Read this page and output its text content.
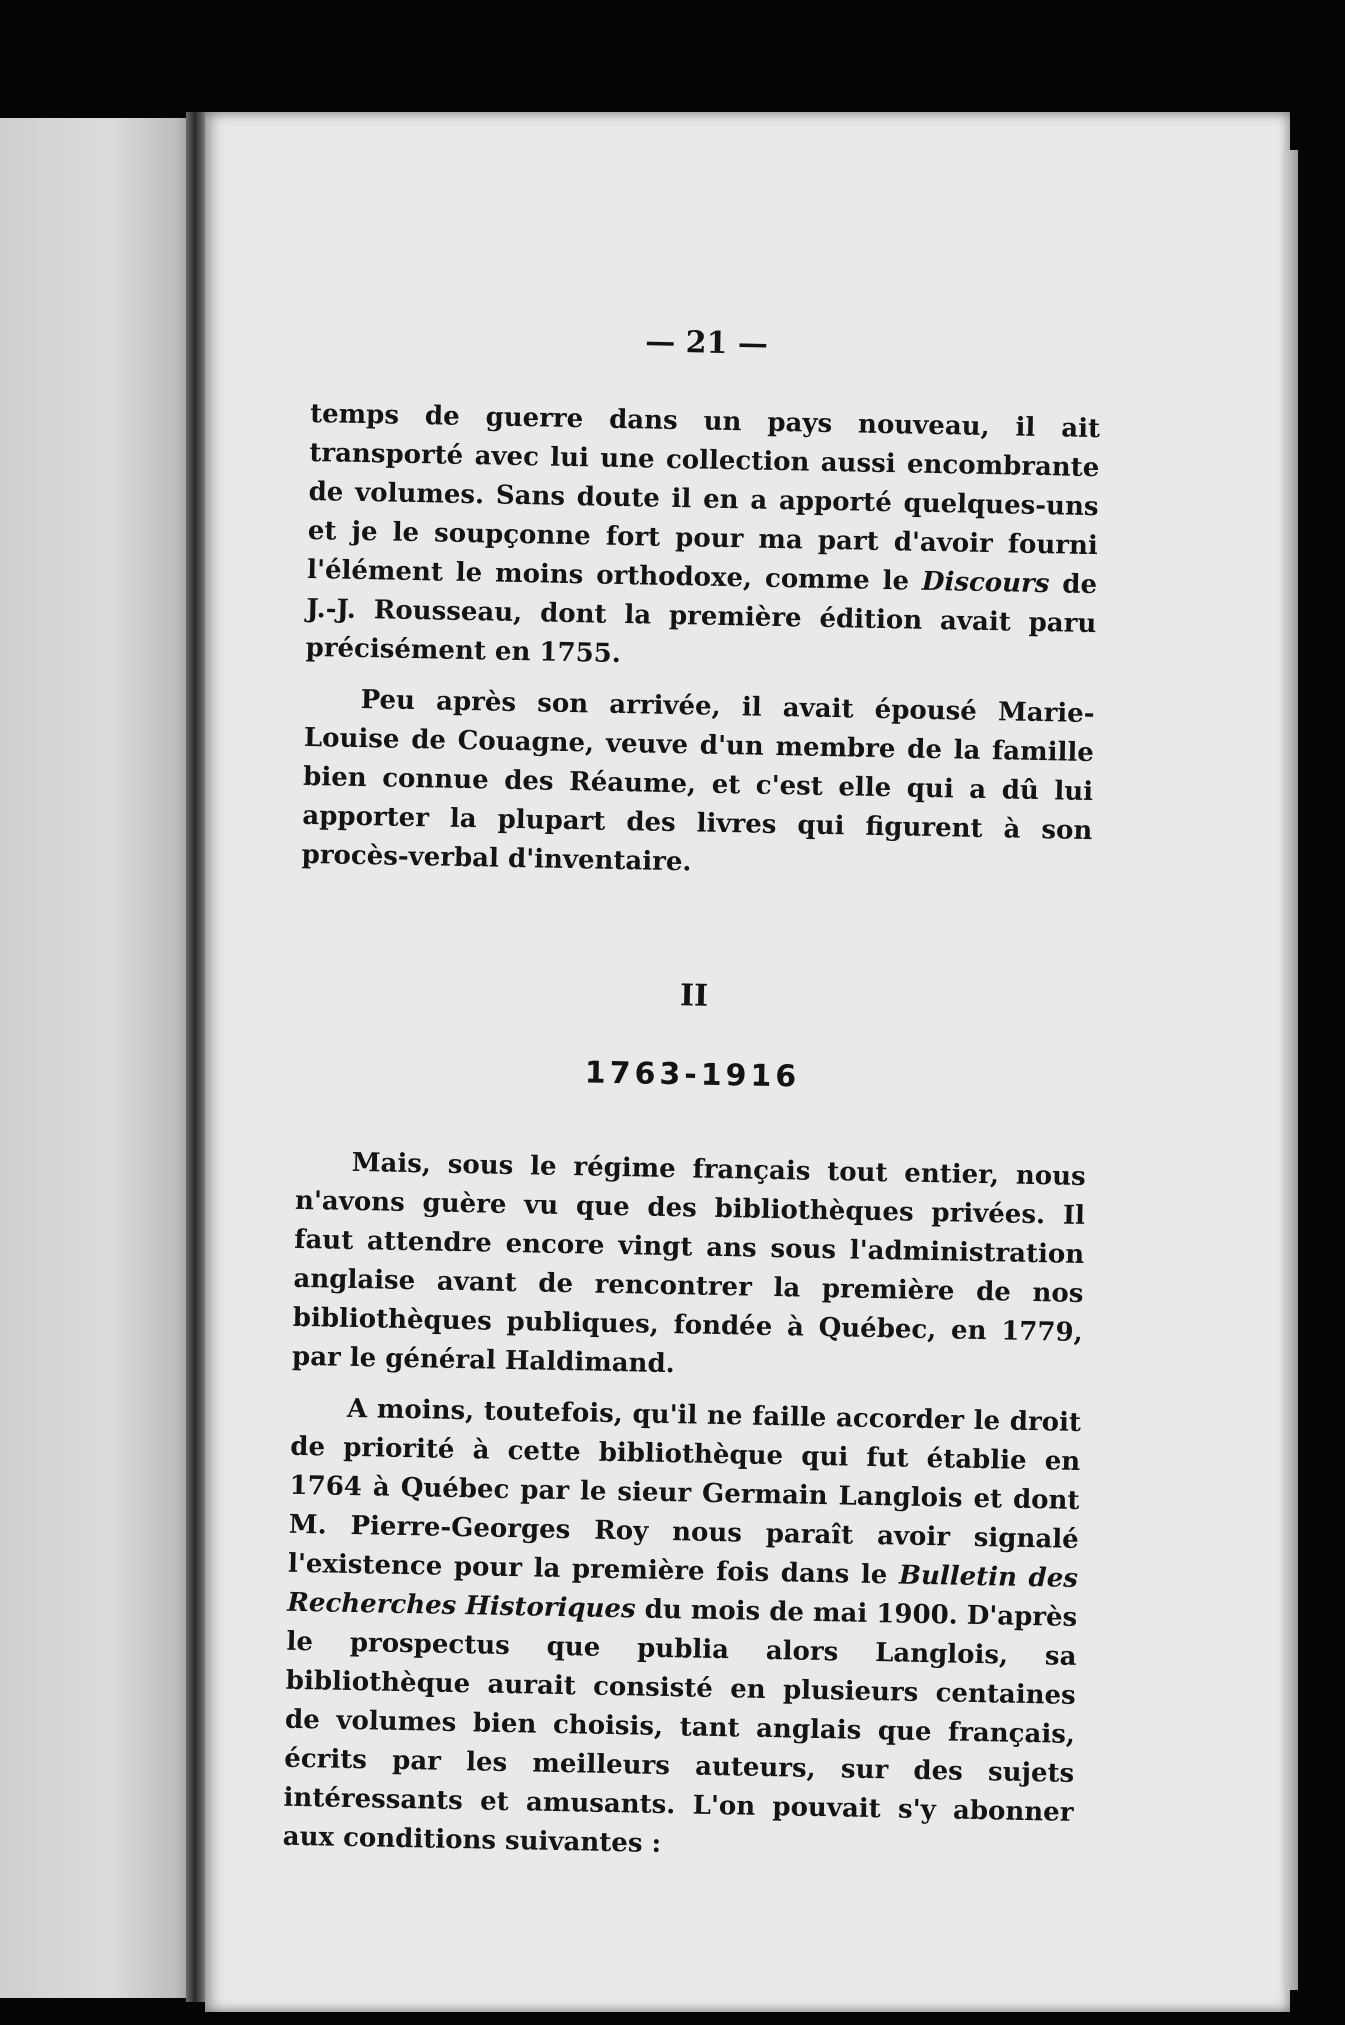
— 21 —

temps de guerre dans un pays nouveau, il ait transporté avec lui une collection aussi encombrante de volumes. Sans doute il en a apporté quelques-uns et je le soupçonne fort pour ma part d'avoir fourni l'élément le moins orthodoxe, comme le Discours de J.-J. Rousseau, dont la première édition avait paru précisément en 1755.

Peu après son arrivée, il avait épousé Marie-Louise de Couagne, veuve d'un membre de la famille bien connue des Réaume, et c'est elle qui a dû lui apporter la plupart des livres qui figurent à son procès-verbal d'inventaire.

II
1763-1916

Mais, sous le régime français tout entier, nous n'avons guère vu que des bibliothèques privées. Il faut attendre encore vingt ans sous l'administration anglaise avant de rencontrer la première de nos bibliothèques publiques, fondée à Québec, en 1779, par le général Haldimand.

A moins, toutefois, qu'il ne faille accorder le droit de priorité à cette bibliothèque qui fut établie en 1764 à Québec par le sieur Germain Langlois et dont M. Pierre-Georges Roy nous paraît avoir signalé l'existence pour la première fois dans le Bulletin des Recherches Historiques du mois de mai 1900. D'après le prospectus que publia alors Langlois, sa bibliothèque aurait consisté en plusieurs centaines de volumes bien choisis, tant anglais que français, écrits par les meilleurs auteurs, sur des sujets intéressants et amusants. L'on pouvait s'y abonner aux conditions suivantes :
